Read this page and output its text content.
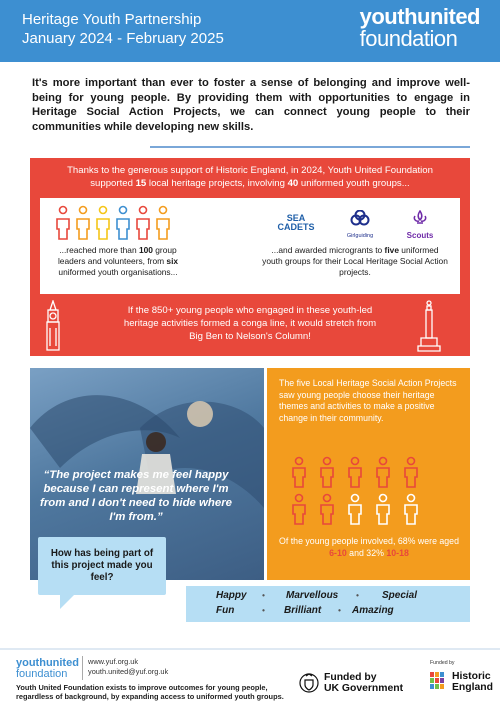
Heritage Youth Partnership
January 2024 - February 2025
youthunited
foundation
It's more important than ever to foster a sense of belonging and improve well-being for young people. By providing them with opportunities to engage in Heritage Social Action Projects, we can connect young people to their communities while developing new skills.
Thanks to the generous support of Historic England, in 2024, Youth United Foundation supported 15 local heritage projects, involving 40 uniformed youth groups...
...reached more than 100 group leaders and volunteers, from six uniformed youth organisations...
SEA
CADETS
Girlguiding	Scouts
...and awarded microgrants to five uniformed youth groups for their Local Heritage Social Action projects.
If the 850+ young people who engaged in these youth-led heritage activities formed a conga line, it would stretch from Big Ben to Nelson's Column!
“The project makes me feel happy because I can represent where I'm from and I don't need to hide where I'm from.”
How has being part of this project made you feel?
The five Local Heritage Social Action Projects saw young people choose their heritage themes and activities to make a positive change in their community.
Of the young people involved, 68% were aged 6-10 and 32% 10-18
Happy • Marvellous • Special
Fun	• Brilliant • Amazing
youthunited
foundation
www.yuf.org.uk
youth.united@yuf.org.uk
Youth United Foundation exists to improve outcomes for young people, regardless of background, by expanding access to uniformed youth groups.
Funded by
UK Government
Funded by
Historic
England
